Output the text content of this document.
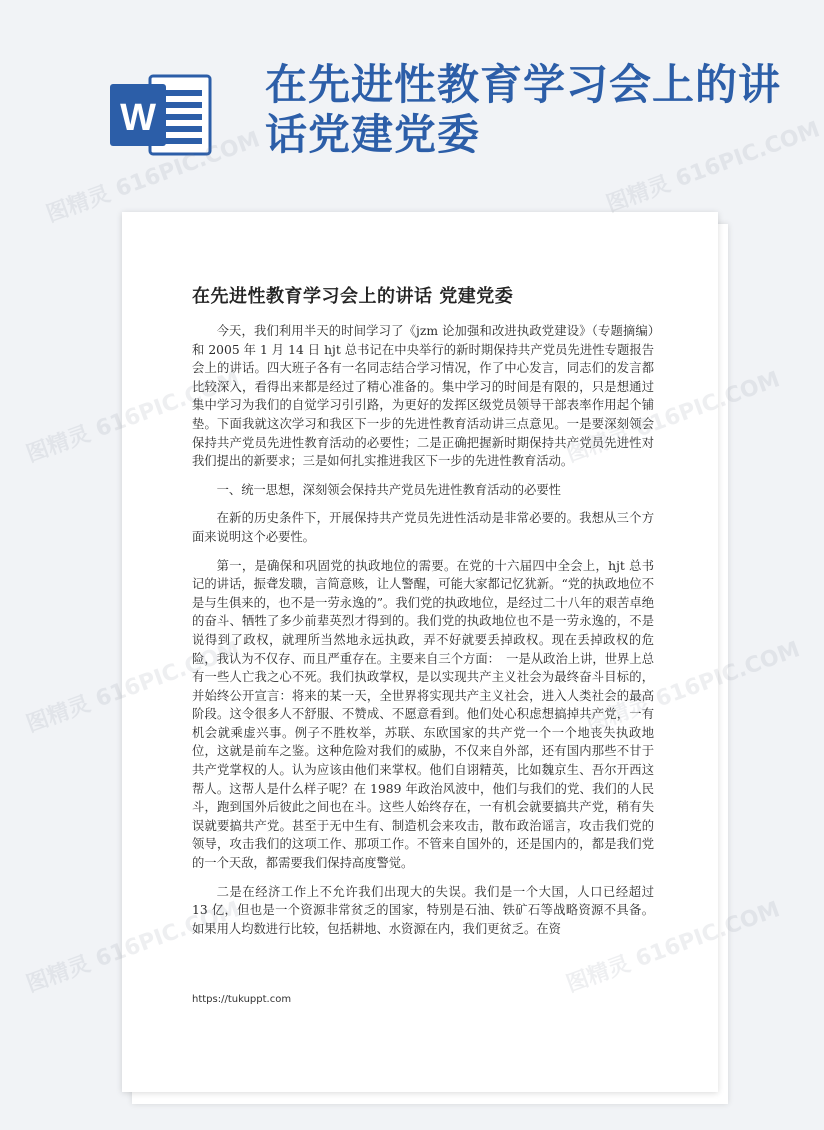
W
在先进性教育学习会上的讲话党建党委
在先进性教育学习会上的讲话 党建党委

今天，我们利用半天的时间学习了《jzm 论加强和改进执政党建设》（专题摘编）和 2005 年 1 月 14 日 hjt 总书记在中央举行的新时期保持共产党员先进性专题报告会上的讲话。四大班子各有一名同志结合学习情况，作了中心发言，同志们的发言都比较深入，看得出来都是经过了精心准备的。集中学习的时间是有限的，只是想通过集中学习为我们的自觉学习引引路，为更好的发挥区级党员领导干部表率作用起个铺垫。下面我就这次学习和我区下一步的先进性教育活动讲三点意见。一是要深刻领会保持共产党员先进性教育活动的必要性；二是正确把握新时期保持共产党员先进性对我们提出的新要求；三是如何扎实推进我区下一步的先进性教育活动。

一、统一思想，深刻领会保持共产党员先进性教育活动的必要性

在新的历史条件下，开展保持共产党员先进性活动是非常必要的。我想从三个方面来说明这个必要性。

第一，是确保和巩固党的执政地位的需要。在党的十六届四中全会上，hjt 总书记的讲话，振聋发聩，言简意赅，让人警醒，可能大家都记忆犹新。“党的执政地位不是与生俱来的，也不是一劳永逸的”。我们党的执政地位，是经过二十八年的艰苦卓绝的奋斗、牺牲了多少前辈英烈才得到的。我们党的执政地位也不是一劳永逸的，不是说得到了政权，就理所当然地永远执政，弄不好就要丢掉政权。现在丢掉政权的危险，我认为不仅存、而且严重存在。主要来自三个方面：　一是从政治上讲，世界上总有一些人亡我之心不死。我们执政掌权，是以实现共产主义社会为最终奋斗目标的，并始终公开宣言：将来的某一天，全世界将实现共产主义社会，进入人类社会的最高阶段。这令很多人不舒服、不赞成、不愿意看到。他们处心积虑想搞掉共产党，一有机会就乘虚兴事。例子不胜枚举，苏联、东欧国家的共产党一个一个地丧失执政地位，这就是前车之鉴。这种危险对我们的威胁，不仅来自外部，还有国内那些不甘于共产党掌权的人。认为应该由他们来掌权。他们自诩精英，比如魏京生、吾尔开西这帮人。这帮人是什么样子呢？在 1989 年政治风波中，他们与我们的党、我们的人民斗，跑到国外后彼此之间也在斗。这些人始终存在，一有机会就要搞共产党，稍有失误就要搞共产党。甚至于无中生有、制造机会来攻击，散布政治谣言，攻击我们党的领导，攻击我们的这项工作、那项工作。不管来自国外的，还是国内的，都是我们党的一个天敌，都需要我们保持高度警觉。

二是在经济工作上不允许我们出现大的失误。我们是一个大国，人口已经超过 13 亿，但也是一个资源非常贫乏的国家，特别是石油、铁矿石等战略资源不具备。如果用人均数进行比较，包括耕地、水资源在内，我们更贫乏。在资

https://tukuppt.com
图精灵
图精灵
图精灵
